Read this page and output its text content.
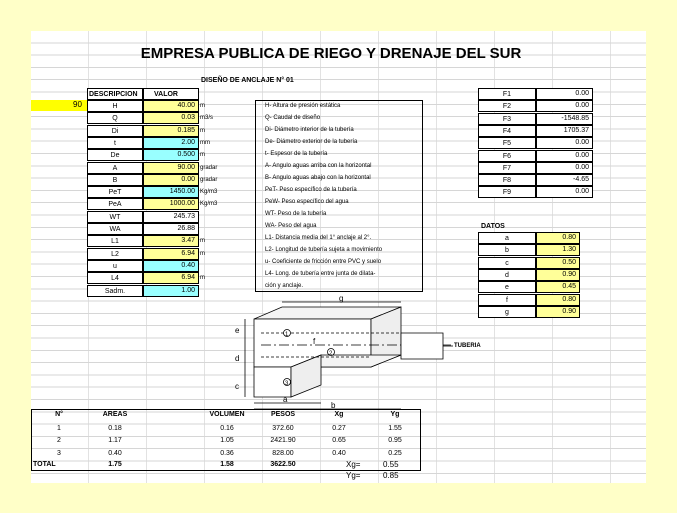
EMPRESA PUBLICA DE RIEGO Y DRENAJE DEL SUR
DISEÑO DE ANCLAJE N° 01
90
DESCRIPCION	VALOR
H	40.00 m
Q	0.03 m3/s
Di	0.185 m
t	2.00 mm
De	0.500 m
A	90.00 gradar
B	0.00 gradar
PeT	1450.00 Kg/m3
PeA	1000.00 Kg/m3
WT	245.73
WA	26.88
L1	3.47 m
L2	6.94 m
u	0.40
L4	6.94 m
Sadm.	1.00
H- Altura de presión estática
Q- Caudal de diseño
Di- Diámetro interior de la tubería
De- Diámetro exterior de la tubería
t- Espesor de la tubería
A- Angulo aguas arriba con la horizontal
B- Angulo aguas abajo con la horizontal
PeT- Peso específico de la tubería
PeW- Peso específico del agua
WT- Peso de la tubería
WA- Peso del agua
L1- Distancia media del 1° anclaje al 2°.
L2- Longitud de tubería sujeta a movimiento
u- Coeficiente de fricción entre PVC y suelo
L4- Long. de tubería entre junta de dilata-
ción y anclaje.
F1	0.00
F2	0.00
F3	-1548.85
F4	1705.37
F5	0.00
F6	0.00
F7	0.00
F8	-4.65
F9	0.00
DATOS
a	0.80
b	1.30
c	0.50
d	0.90
e	0.45
f	0.80
g	0.90
g
e
f
d
c
a
b
TUBERIA
1
2
3
N°	AREAS	VOLUMEN	PESOS	Xg	Yg
1	0.18	0.16	372.60	0.27	1.55
2	1.17	1.05	2421.90	0.65	0.95
3	0.40	0.36	828.00	0.40	0.25
TOTAL	1.75	1.58	3622.50	Xg=	0.55
Yg=	0.85
